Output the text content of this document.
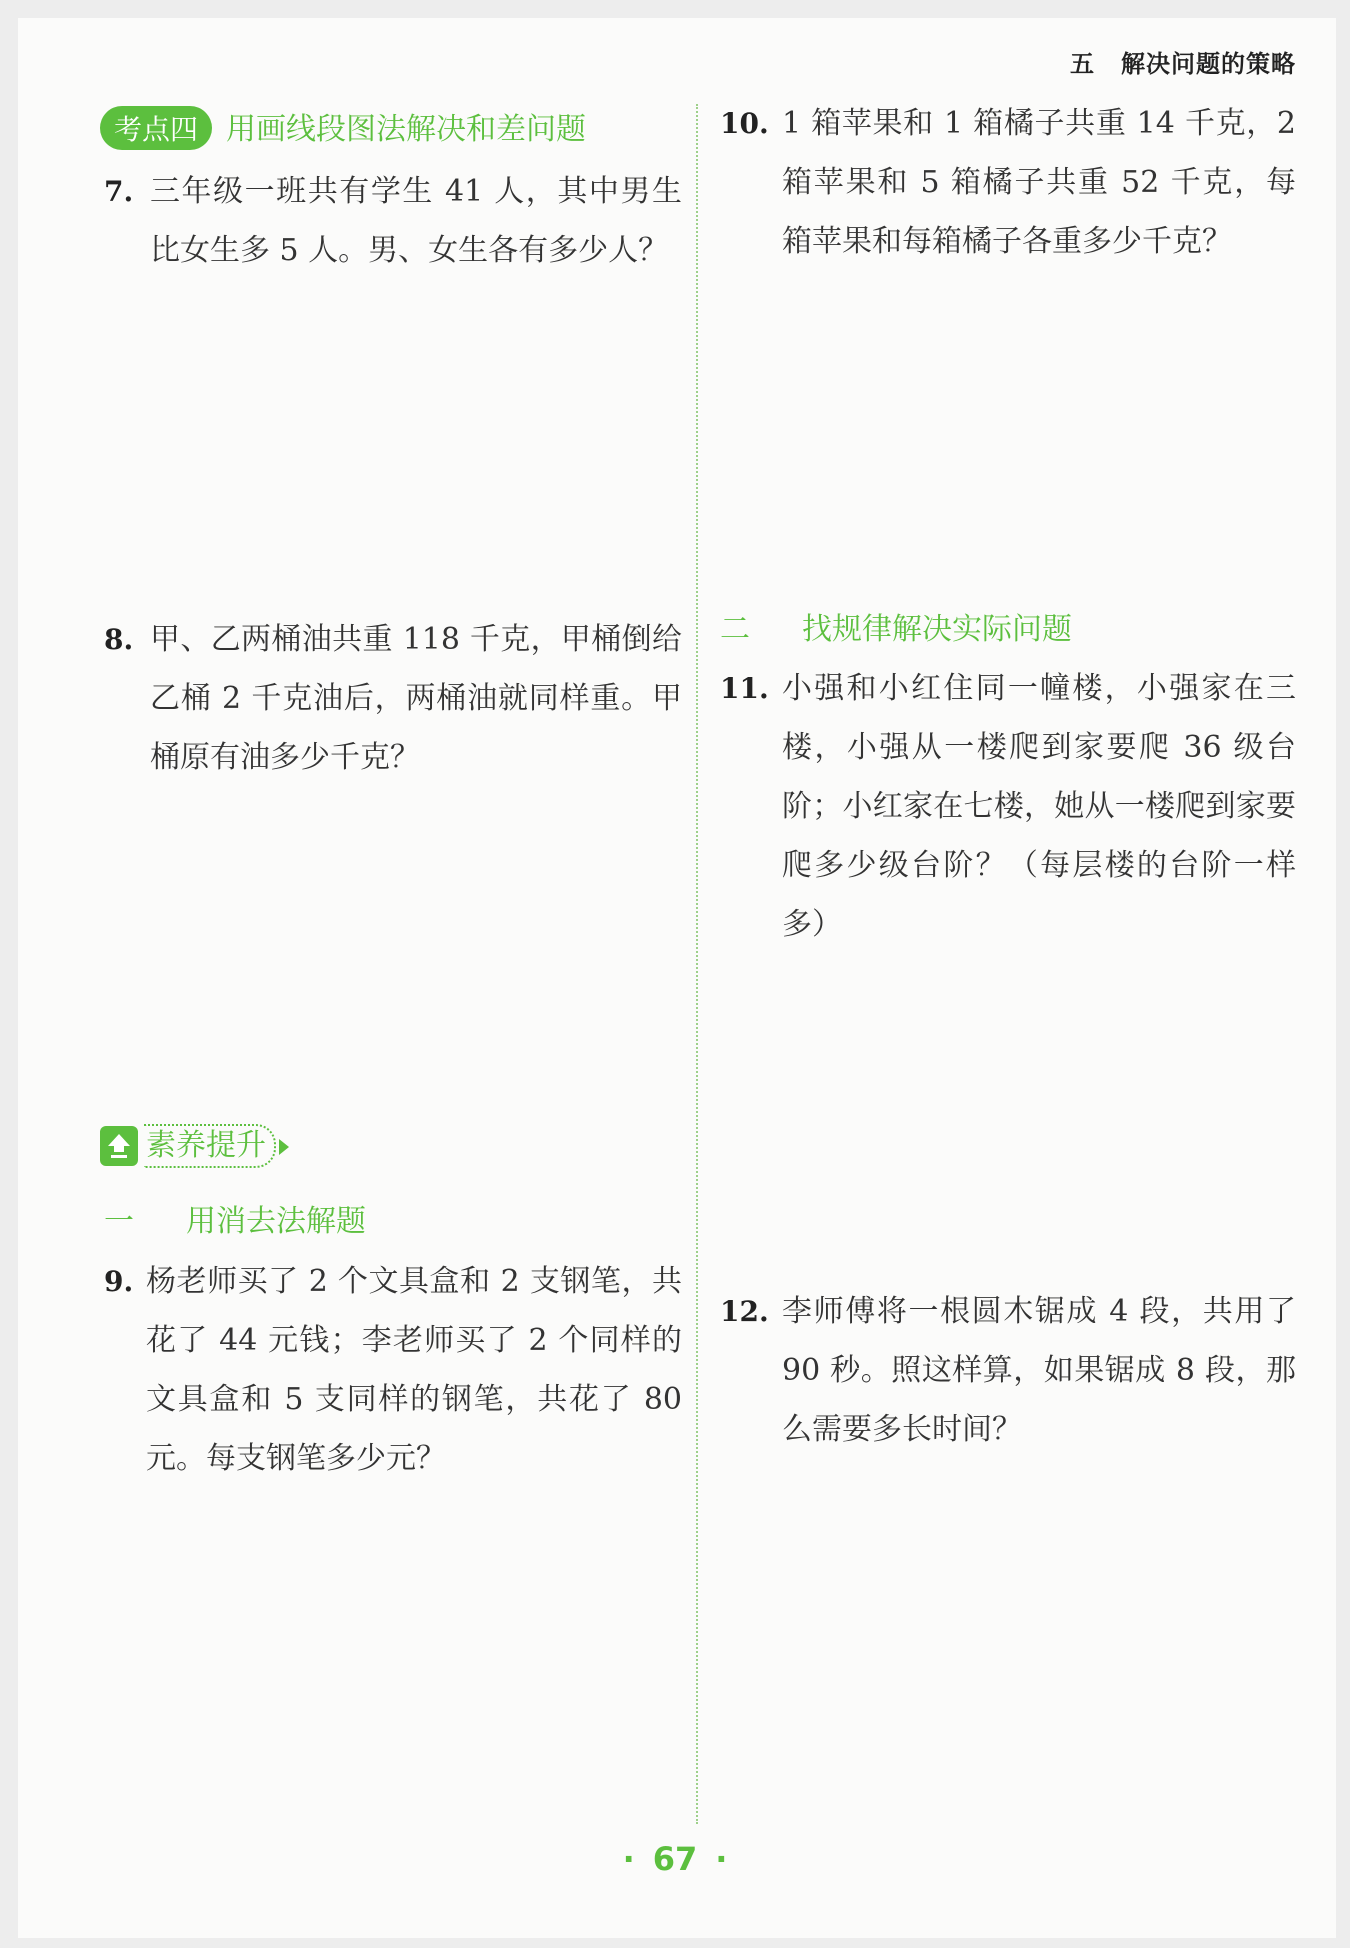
五 解决问题的策略
考点四 用画线段图法解决和差问题
7. 三年级一班共有学生 41 人，其中男生比女生多 5 人。男、女生各有多少人？
8. 甲、乙两桶油共重 118 千克，甲桶倒给乙桶 2 千克油后，两桶油就同样重。甲桶原有油多少千克？
素养提升
一 用消去法解题
9. 杨老师买了 2 个文具盒和 2 支钢笔，共花了 44 元钱；李老师买了 2 个同样的文具盒和 5 支同样的钢笔，共花了 80 元。每支钢笔多少元？
10. 1 箱苹果和 1 箱橘子共重 14 千克，2 箱苹果和 5 箱橘子共重 52 千克，每箱苹果和每箱橘子各重多少千克？
二 找规律解决实际问题
11. 小强和小红住同一幢楼，小强家在三楼，小强从一楼爬到家要爬 36 级台阶；小红家在七楼，她从一楼爬到家要爬多少级台阶？（每层楼的台阶一样多）
12. 李师傅将一根圆木锯成 4 段，共用了 90 秒。照这样算，如果锯成 8 段，那么需要多长时间？
· 67 ·
